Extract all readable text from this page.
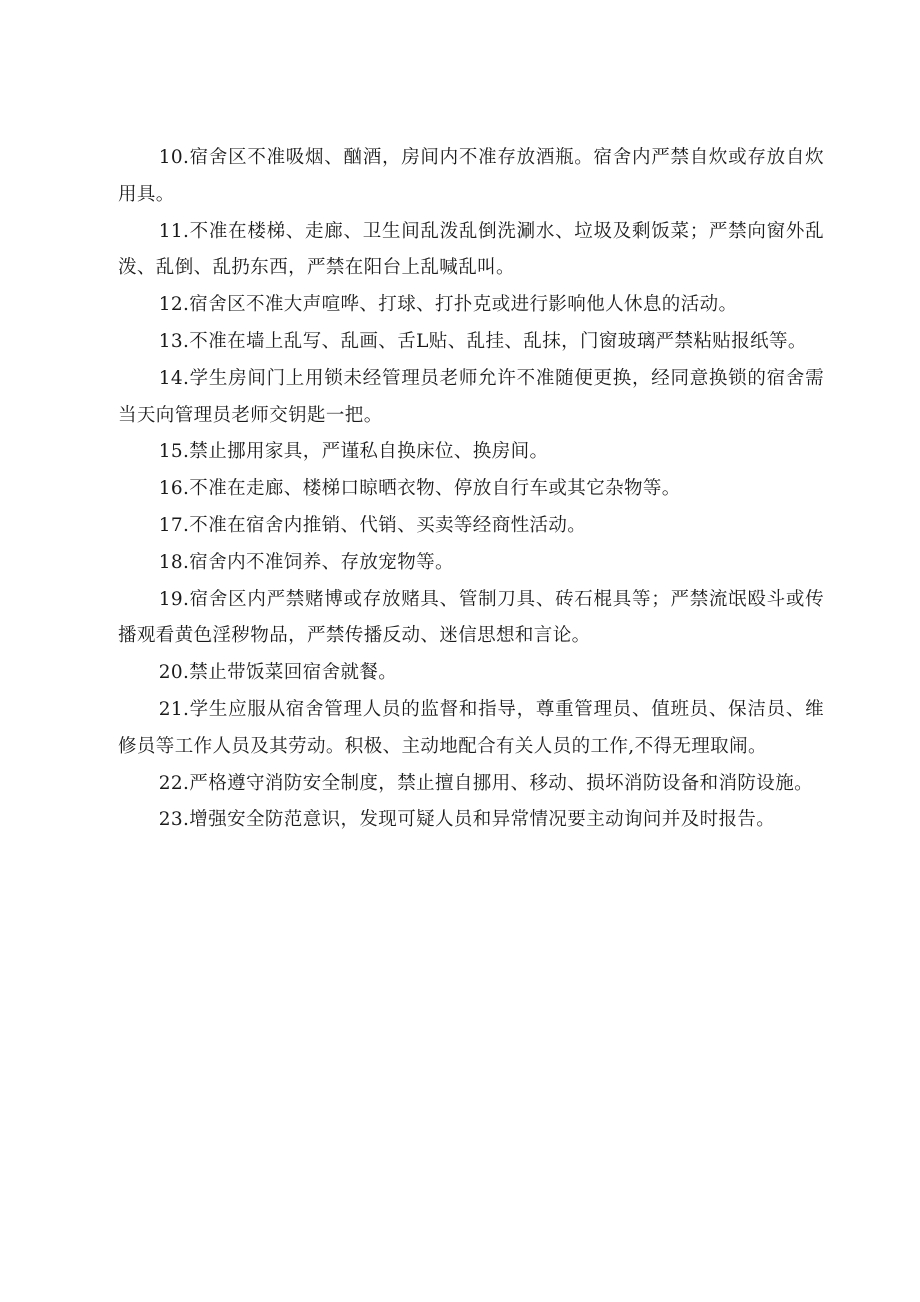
10.宿舍区不准吸烟、酗酒，房间内不准存放酒瓶。宿舍内严禁自炊或存放自炊用具。

11.不准在楼梯、走廊、卫生间乱泼乱倒洗涮水、垃圾及剩饭菜；严禁向窗外乱泼、乱倒、乱扔东西，严禁在阳台上乱喊乱叫。

12.宿舍区不准大声喧哗、打球、打扑克或进行影响他人休息的活动。

13.不准在墙上乱写、乱画、舌L贴、乱挂、乱抹，门窗玻璃严禁粘贴报纸等。

14.学生房间门上用锁未经管理员老师允许不准随便更换，经同意换锁的宿舍需当天向管理员老师交钥匙一把。

15.禁止挪用家具，严谨私自换床位、换房间。

16.不准在走廊、楼梯口晾晒衣物、停放自行车或其它杂物等。

17.不准在宿舍内推销、代销、买卖等经商性活动。

18.宿舍内不准饲养、存放宠物等。

19.宿舍区内严禁赌博或存放赌具、管制刀具、砖石棍具等；严禁流氓殴斗或传播观看黄色淫秽物品，严禁传播反动、迷信思想和言论。

20.禁止带饭菜回宿舍就餐。

21.学生应服从宿舍管理人员的监督和指导，尊重管理员、值班员、保洁员、维修员等工作人员及其劳动。积极、主动地配合有关人员的工作,不得无理取闹。

22.严格遵守消防安全制度，禁止擅自挪用、移动、损坏消防设备和消防设施。

23.增强安全防范意识，发现可疑人员和异常情况要主动询问并及时报告。
